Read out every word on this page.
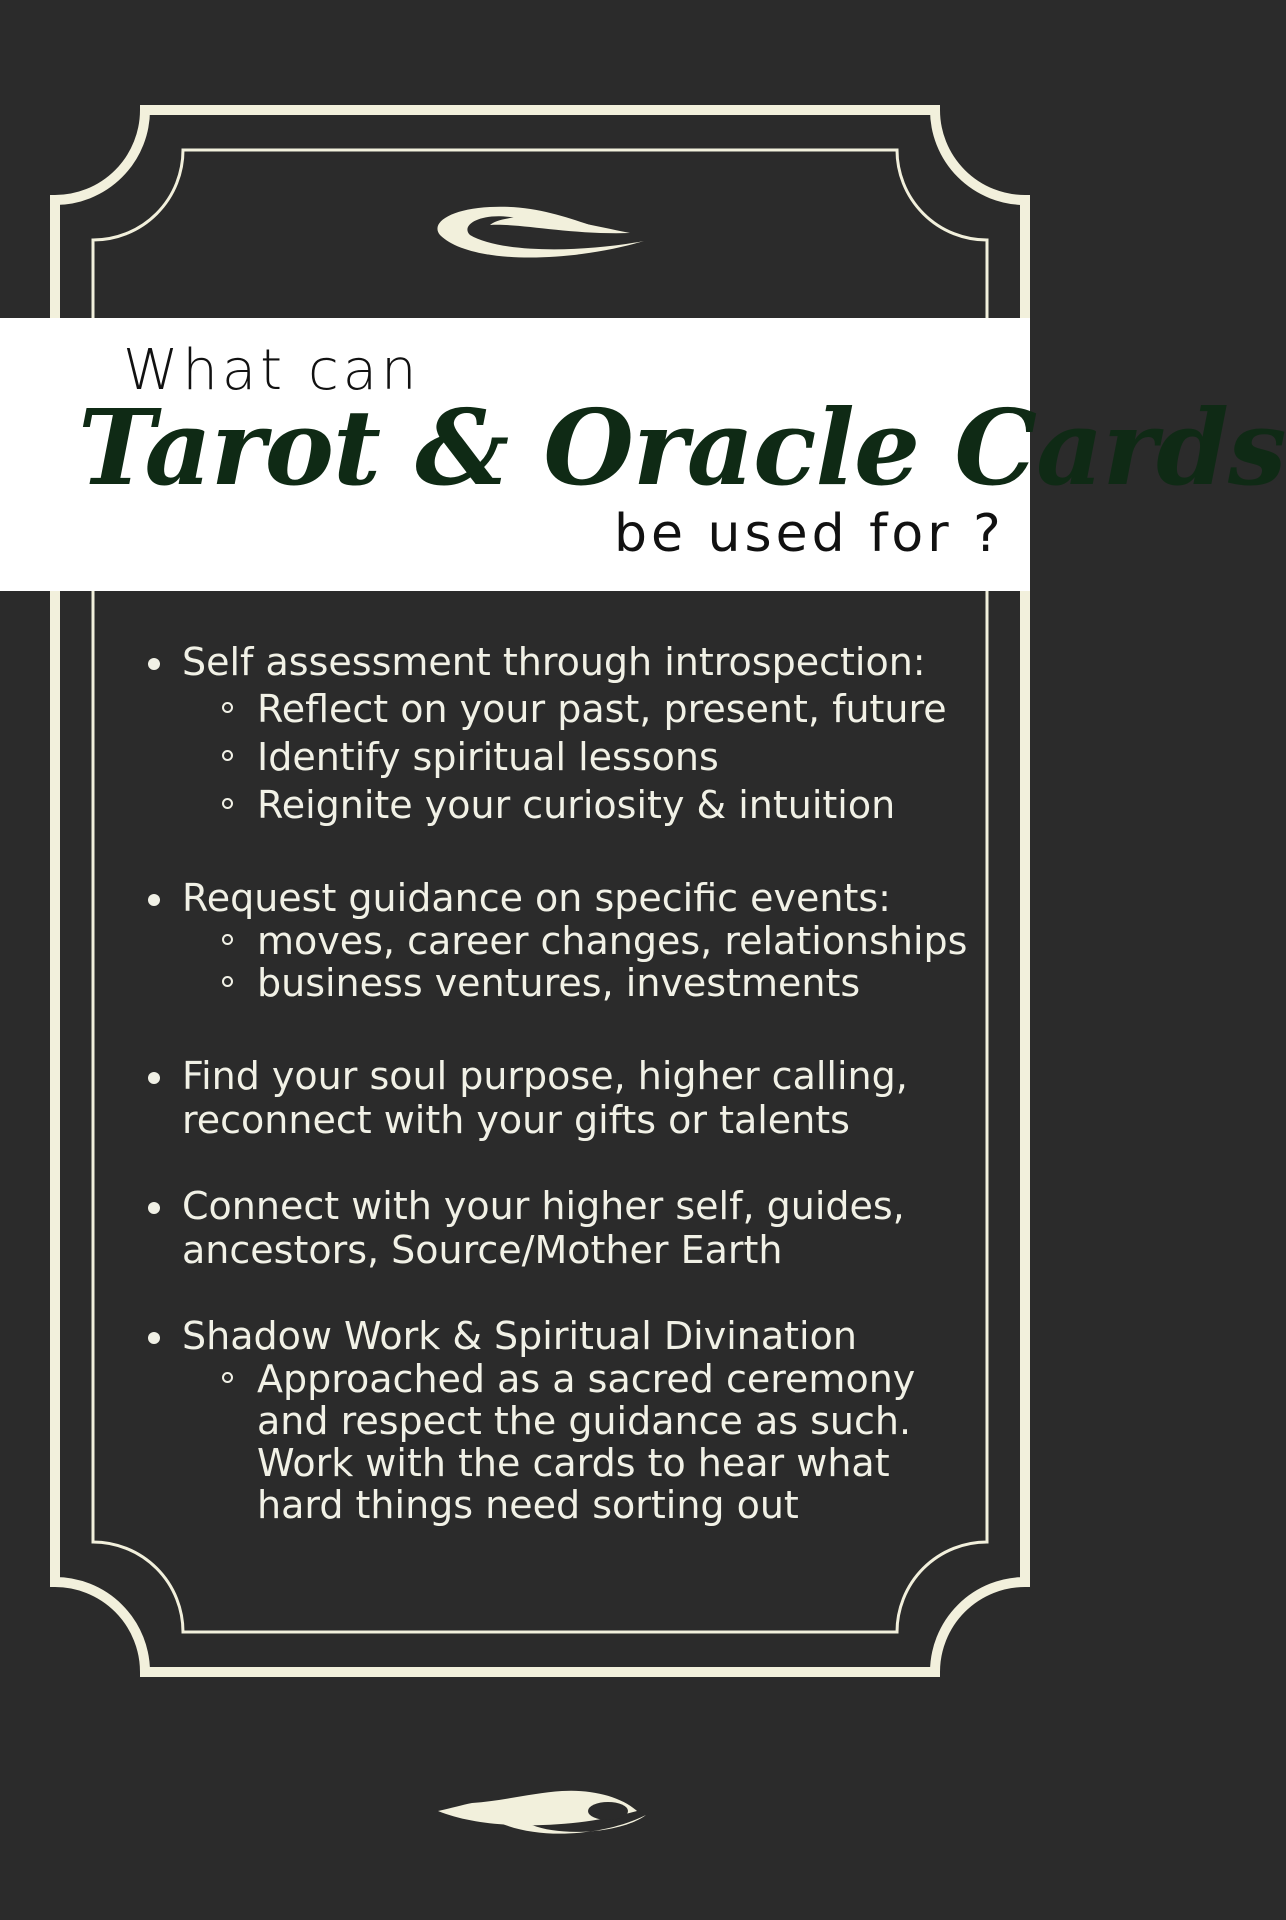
What can
Tarot & Oracle Cards
be used for ?
Self assessment through introspection:
Reflect on your past, present, future
Identify spiritual lessons
Reignite your curiosity & intuition
Request guidance on specific events:
moves, career changes, relationships
business ventures, investments
Find your soul purpose, higher calling, reconnect with your gifts or talents
Connect with your higher self, guides, ancestors, Source/Mother Earth
Shadow Work & Spiritual Divination
Approached as a sacred ceremony and respect the guidance as such. Work with the cards to hear what hard things need sorting out
